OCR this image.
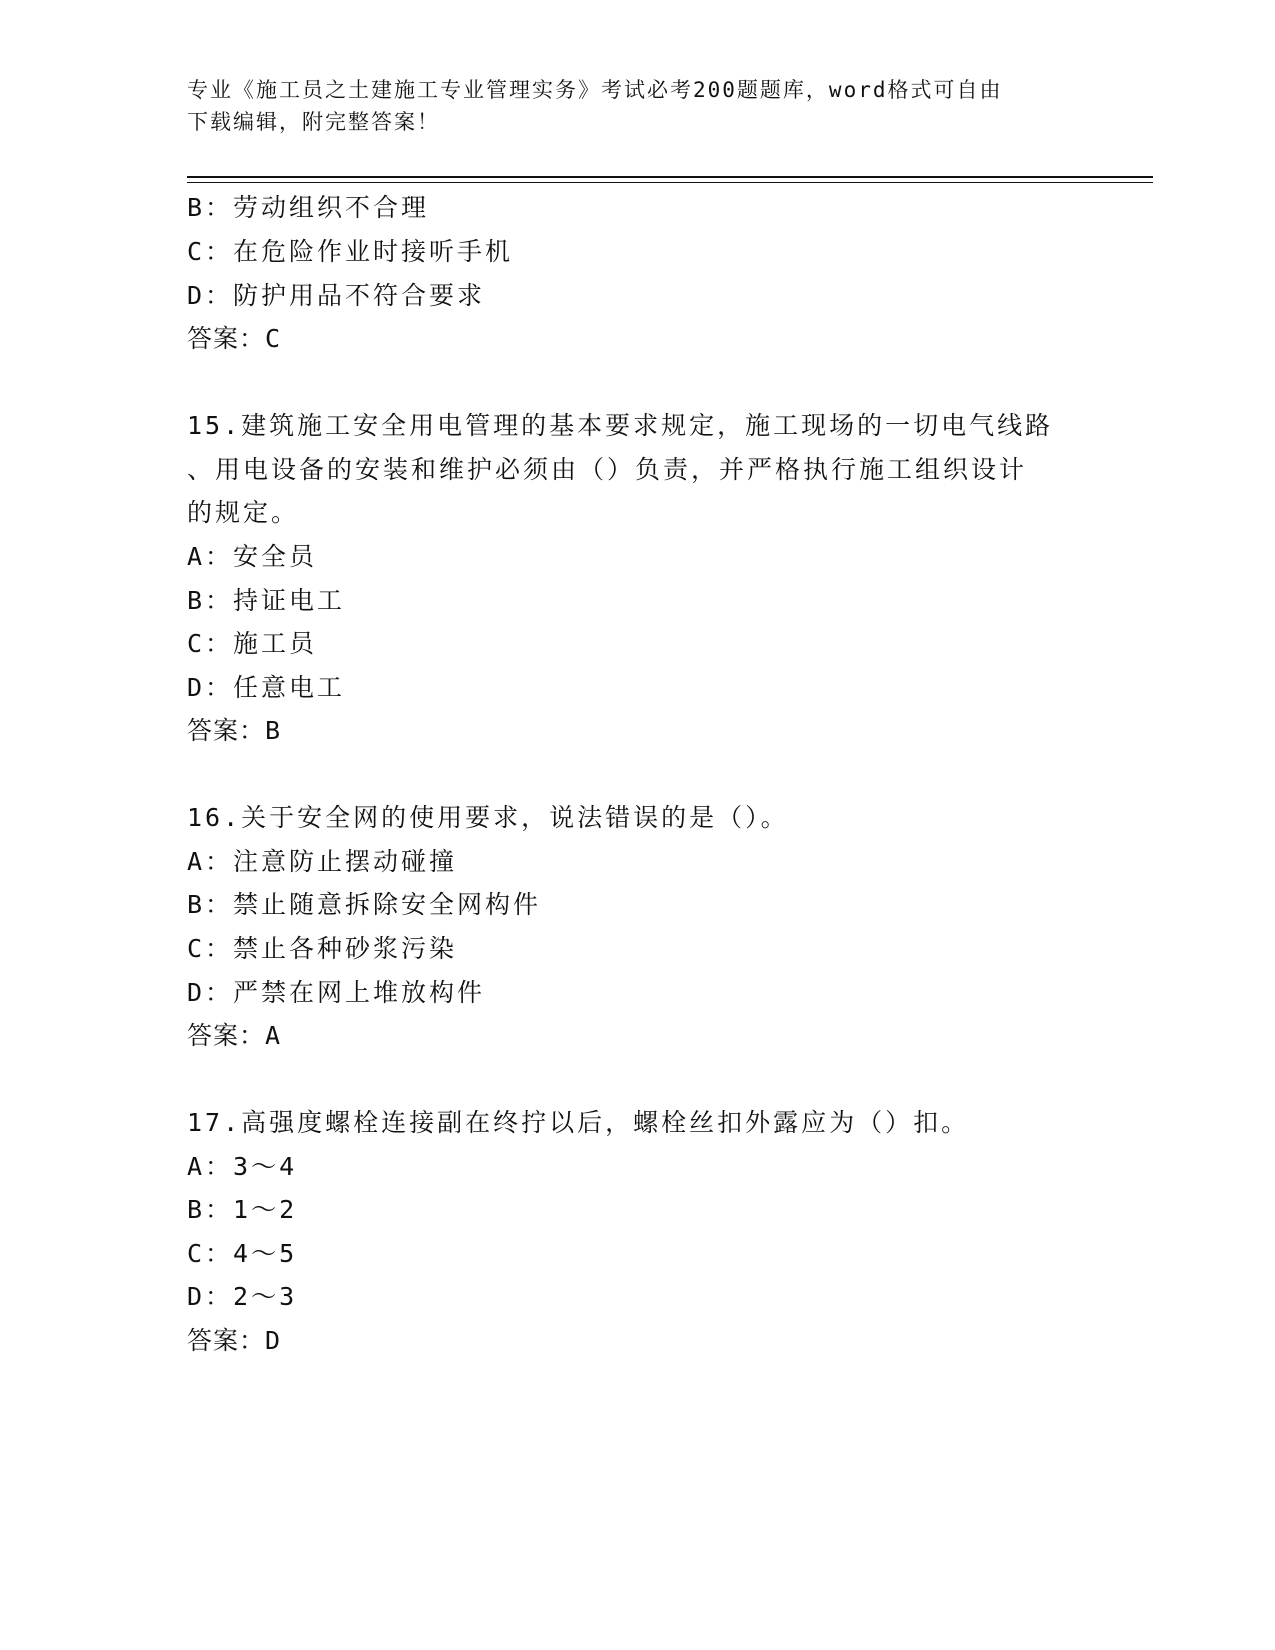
专业《施工员之土建施工专业管理实务》考试必考200题题库，word格式可自由
下载编辑，附完整答案！
B：劳动组织不合理
C：在危险作业时接听手机
D：防护用品不符合要求
答案：C
15.建筑施工安全用电管理的基本要求规定，施工现场的一切电气线路
、用电设备的安装和维护必须由（）负责，并严格执行施工组织设计
的规定。
A：安全员
B：持证电工
C：施工员
D：任意电工
答案：B
16.关于安全网的使用要求，说法错误的是（）。
A：注意防止摆动碰撞
B：禁止随意拆除安全网构件
C：禁止各种砂浆污染
D：严禁在网上堆放构件
答案：A
17.高强度螺栓连接副在终拧以后，螺栓丝扣外露应为（）扣。
A：3～4
B：1～2
C：4～5
D：2～3
答案：D
